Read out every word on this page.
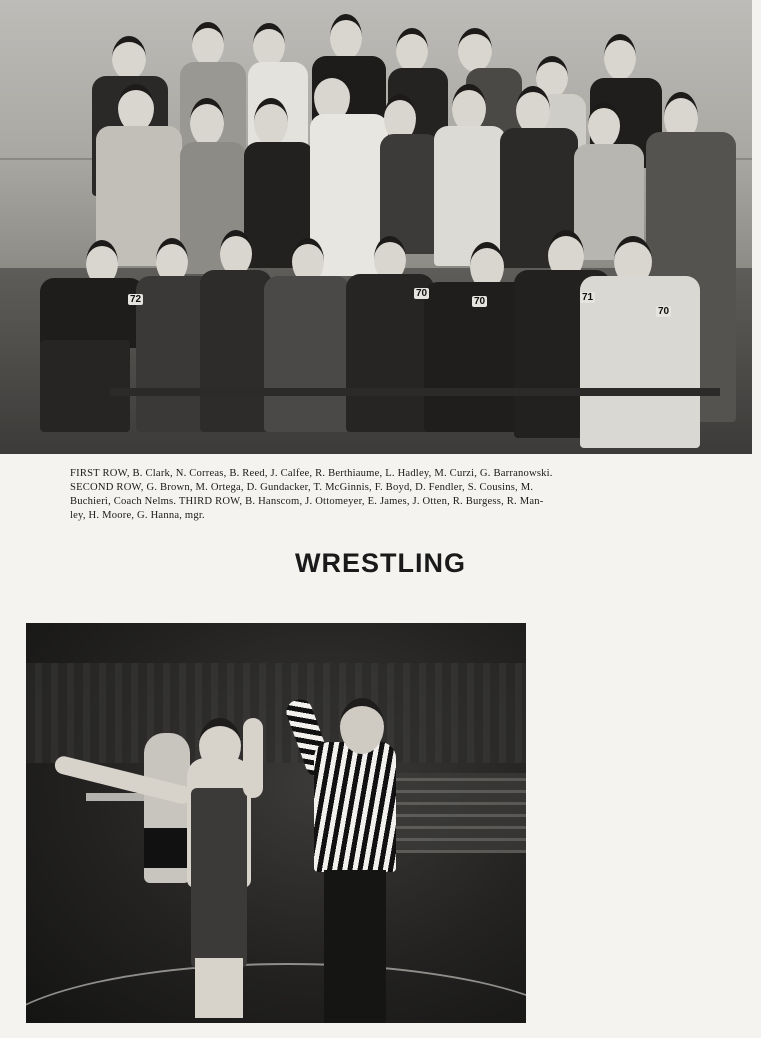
72	70
70	71
70
FIRST ROW, B. Clark, N. Correas, B. Reed, J. Calfee, R. Berthiaume, L. Hadley, M. Curzi, G. Barranowski.
SECOND ROW, G. Brown, M. Ortega, D. Gundacker, T. McGinnis, F. Boyd, D. Fendler, S. Cousins, M.
Buchieri, Coach Nelms. THIRD ROW, B. Hanscom, J. Ottomeyer, E. James, J. Otten, R. Burgess, R. Man-
ley, H. Moore, G. Hanna, mgr.
WRESTLING
